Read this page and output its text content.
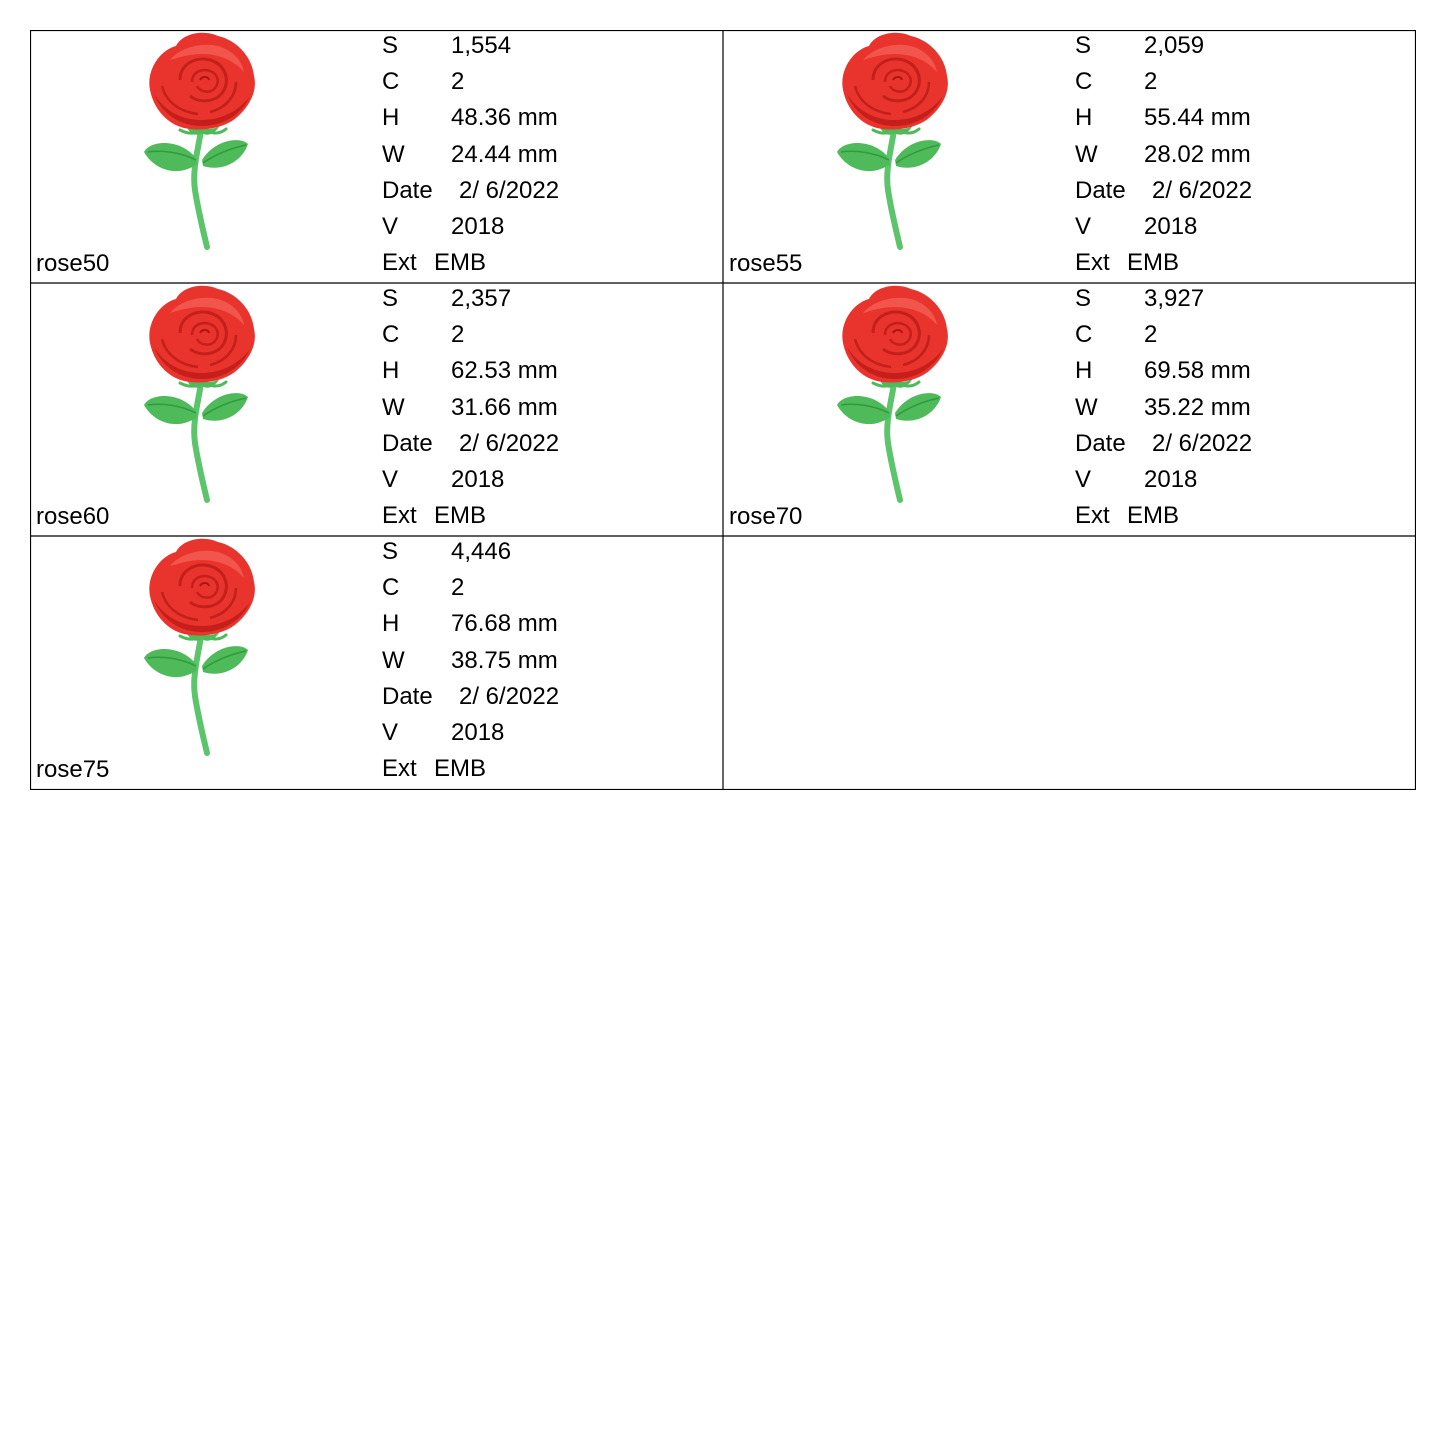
rose50
S 1,554
C 2
H 48.36 mm
W 24.44 mm
Date 2/ 6/2022
V 2018
Ext EMB	rose55
S 2,059
C 2
H 55.44 mm
W 28.02 mm
Date 2/ 6/2022
V 2018
Ext EMB
rose60
S 2,357
C 2
H 62.53 mm
W 31.66 mm
Date 2/ 6/2022
V 2018
Ext EMB	rose70
S 3,927
C 2
H 69.58 mm
W 35.22 mm
Date 2/ 6/2022
V 2018
Ext EMB
rose75
S 4,446
C 2
H 76.68 mm
W 38.75 mm
Date 2/ 6/2022
V 2018
Ext EMB
